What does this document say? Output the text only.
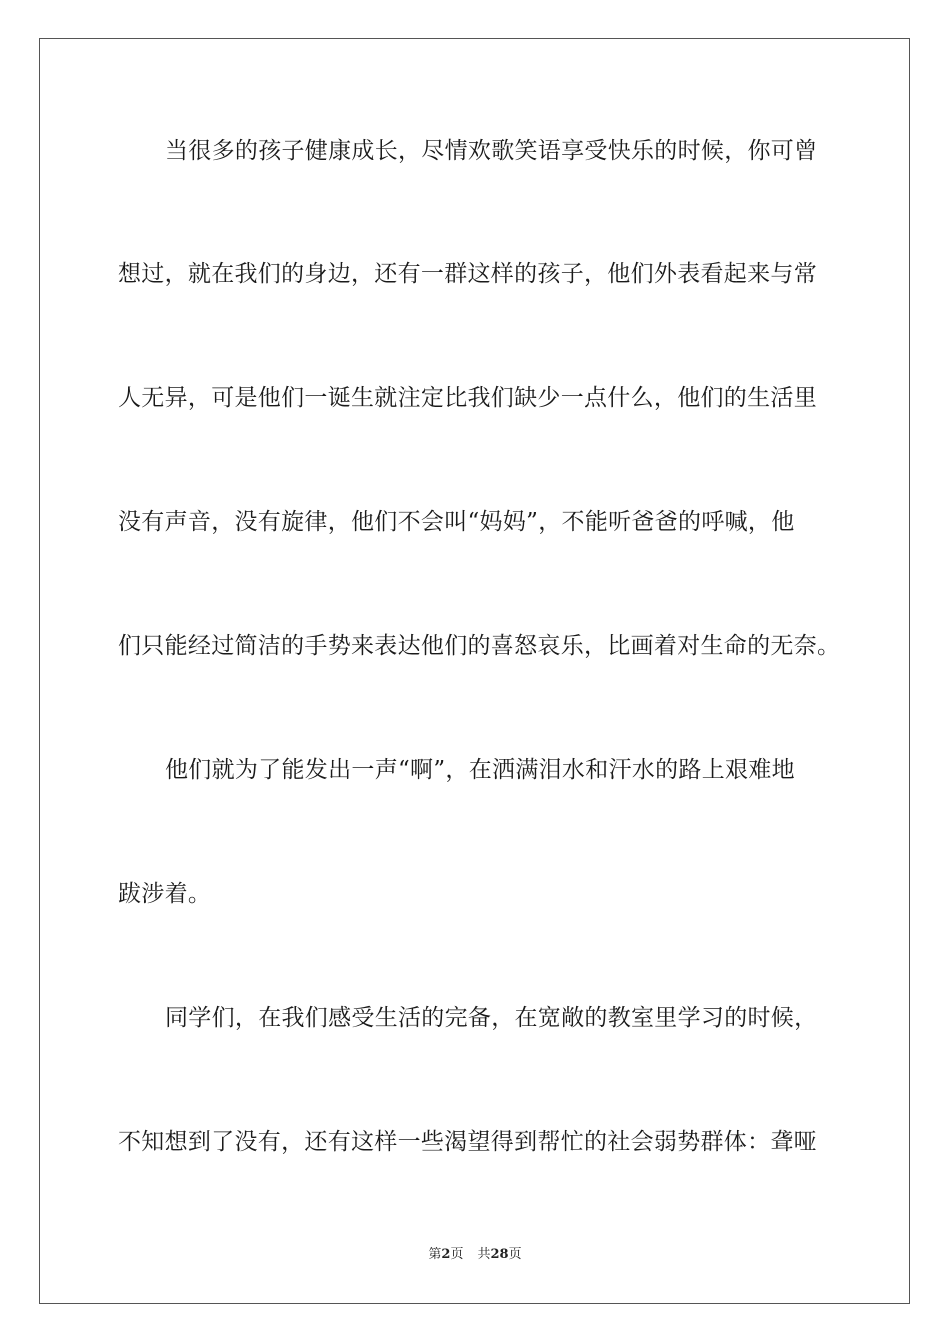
当很多的孩子健康成长，尽情欢歌笑语享受快乐的时候，你可曾
想过，就在我们的身边，还有一群这样的孩子，他们外表看起来与常
人无异，可是他们一诞生就注定比我们缺少一点什么，他们的生活里
没有声音，没有旋律，他们不会叫“妈妈”，不能听爸爸的呼喊，他
们只能经过简洁的手势来表达他们的喜怒哀乐，比画着对生命的无奈。
他们就为了能发出一声“啊”，在洒满泪水和汗水的路上艰难地
跋涉着。
同学们，在我们感受生活的完备，在宽敞的教室里学习的时候，
不知想到了没有，还有这样一些渴望得到帮忙的社会弱势群体：聋哑
第2页 共28页
